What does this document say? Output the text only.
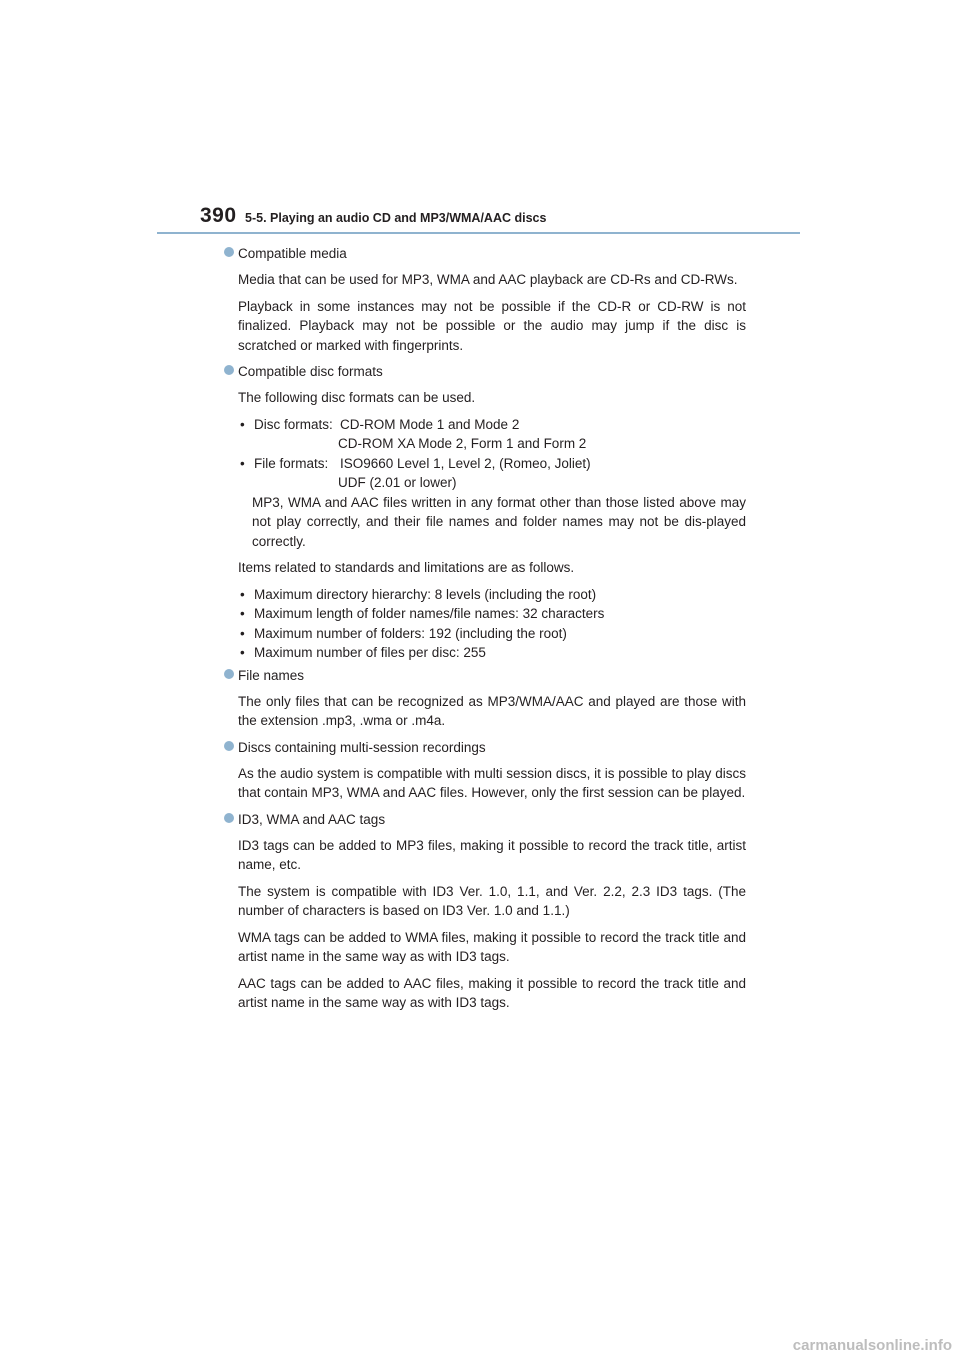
390 5-5. Playing an audio CD and MP3/WMA/AAC discs
Compatible media
Media that can be used for MP3, WMA and AAC playback are CD-Rs and CD-RWs.
Playback in some instances may not be possible if the CD-R or CD-RW is not finalized. Playback may not be possible or the audio may jump if the disc is scratched or marked with fingerprints.
Compatible disc formats
The following disc formats can be used.
• Disc formats: CD-ROM Mode 1 and Mode 2
CD-ROM XA Mode 2, Form 1 and Form 2
• File formats: ISO9660 Level 1, Level 2, (Romeo, Joliet)
UDF (2.01 or lower)
MP3, WMA and AAC files written in any format other than those listed above may not play correctly, and their file names and folder names may not be dis-played correctly.
Items related to standards and limitations are as follows.
• Maximum directory hierarchy: 8 levels (including the root)
• Maximum length of folder names/file names: 32 characters
• Maximum number of folders: 192 (including the root)
• Maximum number of files per disc: 255
File names
The only files that can be recognized as MP3/WMA/AAC and played are those with the extension .mp3, .wma or .m4a.
Discs containing multi-session recordings
As the audio system is compatible with multi session discs, it is possible to play discs that contain MP3, WMA and AAC files. However, only the first session can be played.
ID3, WMA and AAC tags
ID3 tags can be added to MP3 files, making it possible to record the track title, artist name, etc.
The system is compatible with ID3 Ver. 1.0, 1.1, and Ver. 2.2, 2.3 ID3 tags. (The number of characters is based on ID3 Ver. 1.0 and 1.1.)
WMA tags can be added to WMA files, making it possible to record the track title and artist name in the same way as with ID3 tags.
AAC tags can be added to AAC files, making it possible to record the track title and artist name in the same way as with ID3 tags.
carmanualsonline.info
